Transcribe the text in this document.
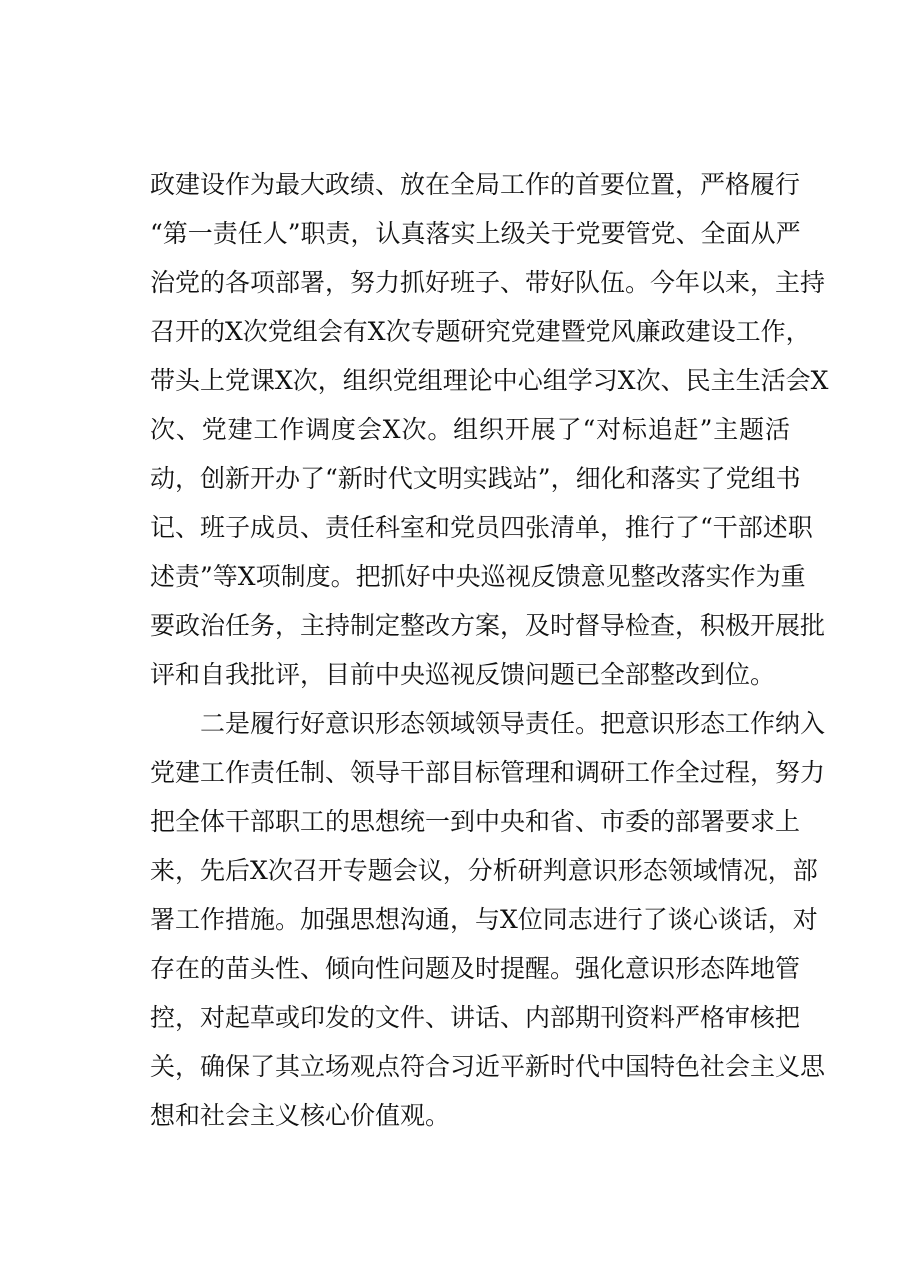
政建设作为最大政绩、放在全局工作的首要位置，严格履行
“第一责任人”职责，认真落实上级关于党要管党、全面从严
治党的各项部署，努力抓好班子、带好队伍。今年以来，主持
召开的X次党组会有X次专题研究党建暨党风廉政建设工作，
带头上党课X次，组织党组理论中心组学习X次、民主生活会X
次、党建工作调度会X次。组织开展了“对标追赶”主题活
动，创新开办了“新时代文明实践站”，细化和落实了党组书
记、班子成员、责任科室和党员四张清单，推行了“干部述职
述责”等X项制度。把抓好中央巡视反馈意见整改落实作为重
要政治任务，主持制定整改方案，及时督导检查，积极开展批
评和自我批评，目前中央巡视反馈问题已全部整改到位。
二是履行好意识形态领域领导责任。把意识形态工作纳入
党建工作责任制、领导干部目标管理和调研工作全过程，努力
把全体干部职工的思想统一到中央和省、市委的部署要求上
来，先后X次召开专题会议，分析研判意识形态领域情况，部
署工作措施。加强思想沟通，与X位同志进行了谈心谈话，对
存在的苗头性、倾向性问题及时提醒。强化意识形态阵地管
控，对起草或印发的文件、讲话、内部期刊资料严格审核把
关，确保了其立场观点符合习近平新时代中国特色社会主义思
想和社会主义核心价值观。
